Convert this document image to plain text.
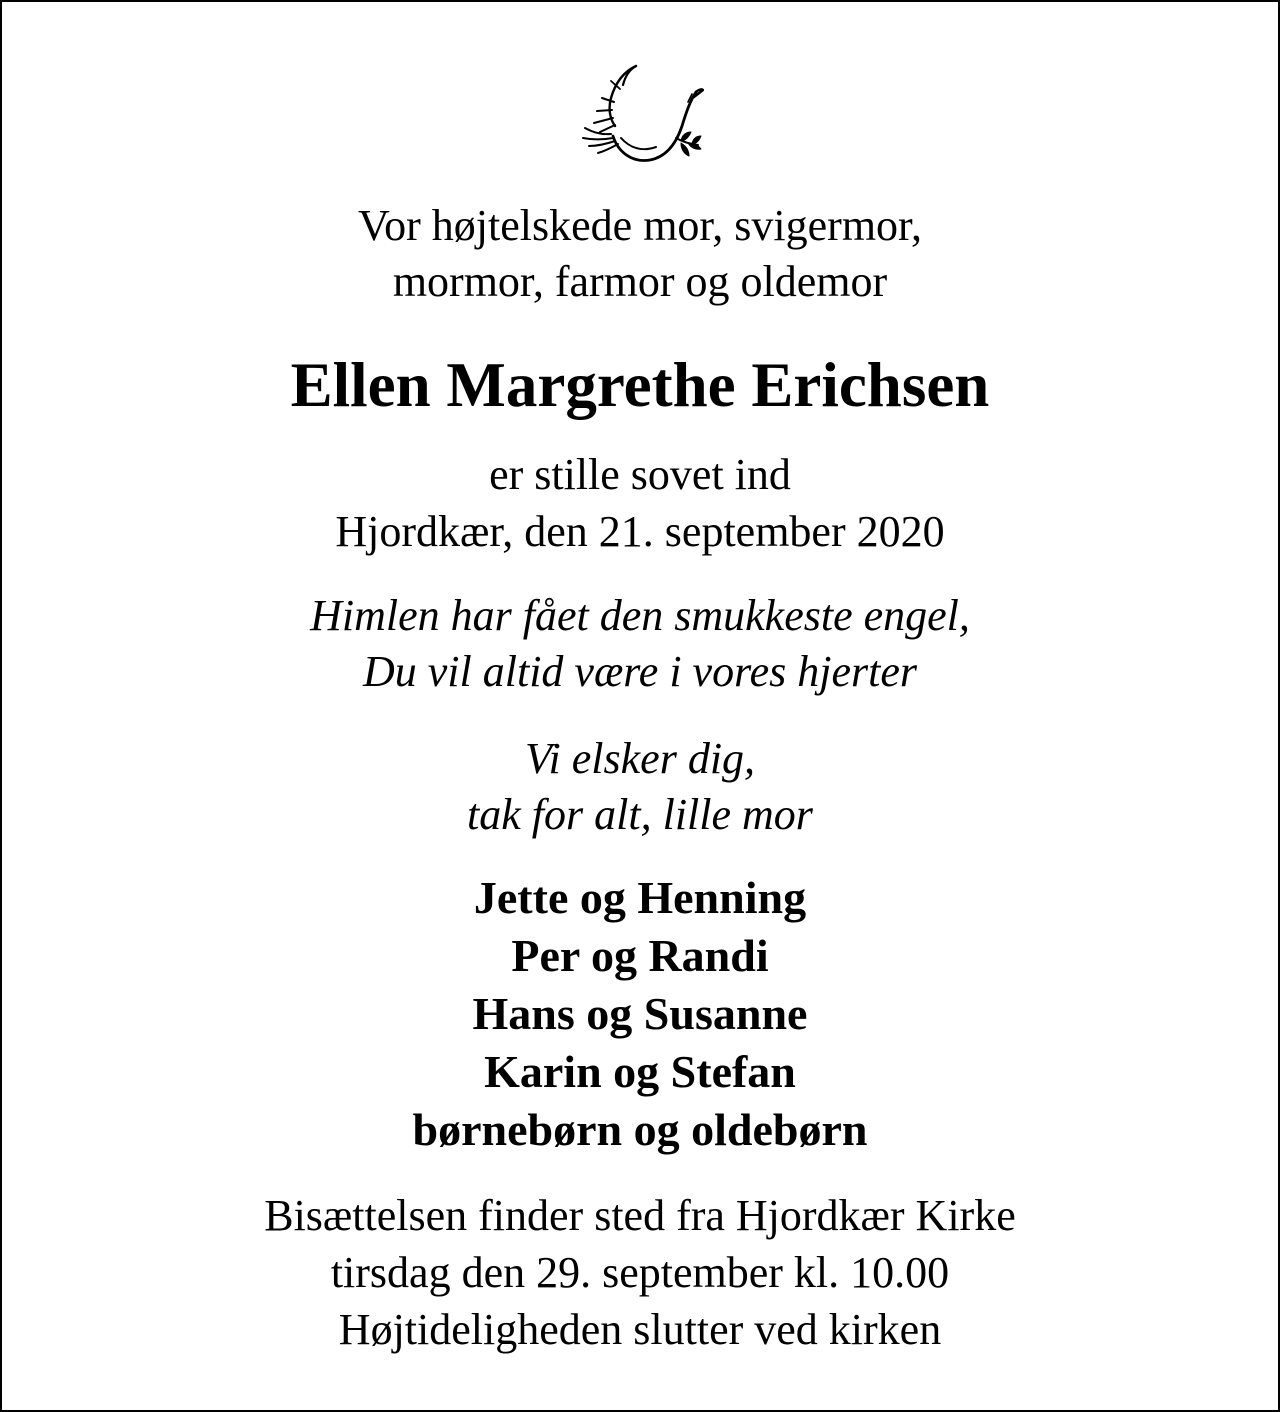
Vor højtelskede mor, svigermor,
mormor, farmor og oldemor
Ellen Margrethe Erichsen
er stille sovet ind
Hjordkær, den 21. september 2020
Himlen har fået den smukkeste engel,
Du vil altid være i vores hjerter
Vi elsker dig,
tak for alt, lille mor
Jette og Henning
Per og Randi
Hans og Susanne
Karin og Stefan
børnebørn og oldebørn
Bisættelsen finder sted fra Hjordkær Kirke
tirsdag den 29. september kl. 10.00
Højtideligheden slutter ved kirken
